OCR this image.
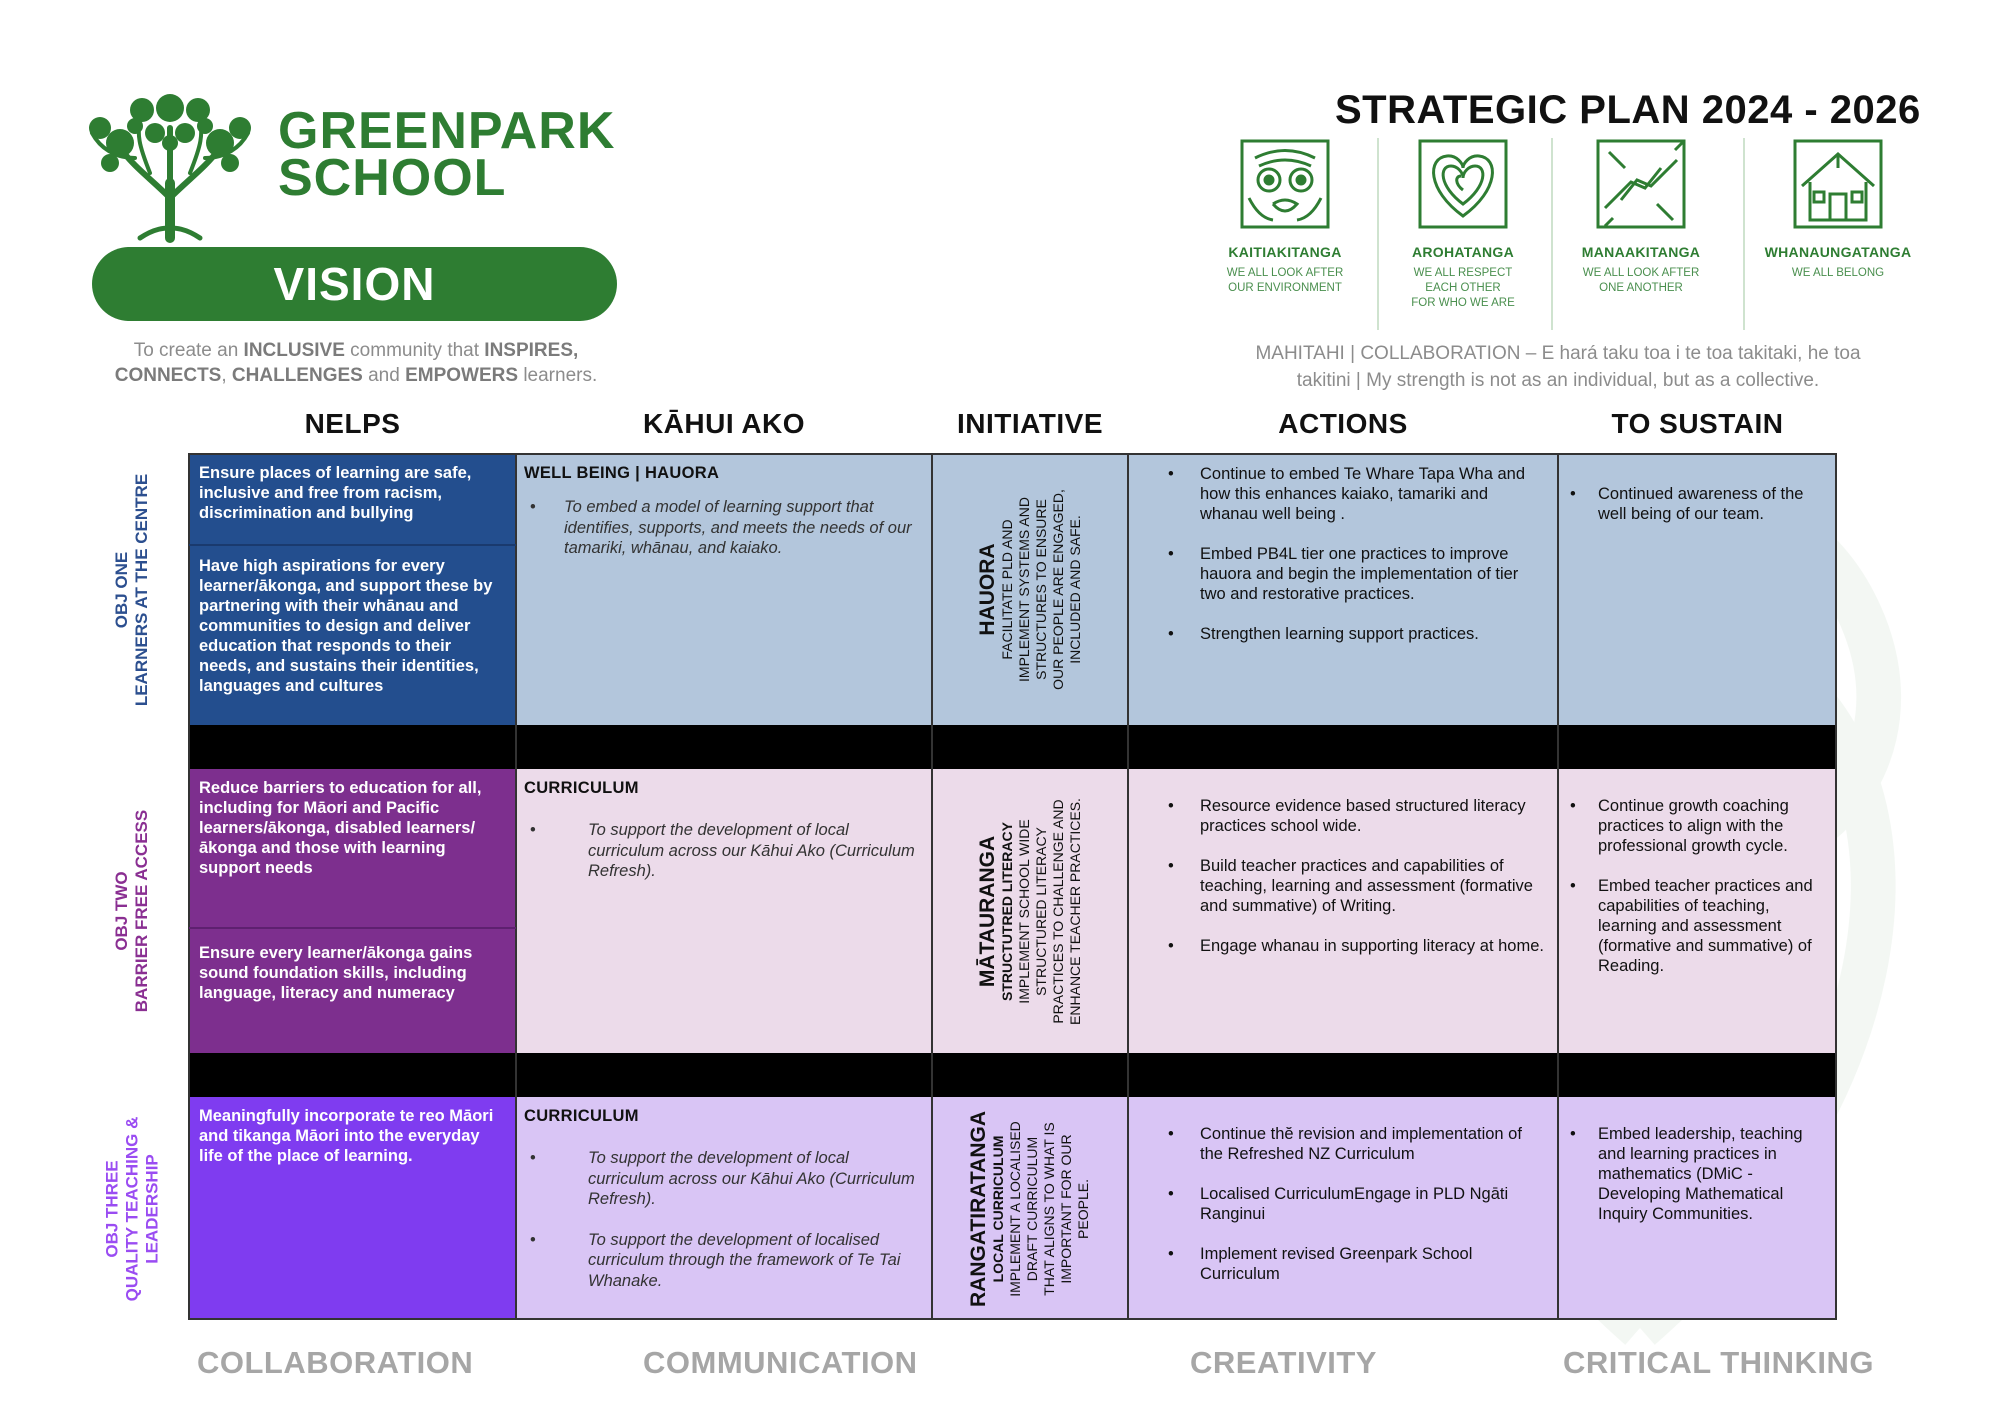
GREENPARK
SCHOOL
VISION
To create an INCLUSIVE community that INSPIRES,
CONNECTS, CHALLENGES and EMPOWERS learners.
STRATEGIC PLAN 2024 - 2026
KAITIAKITANGA
WE ALL LOOK AFTER
OUR ENVIRONMENT
AROHATANGA
WE ALL RESPECT
EACH OTHER
FOR WHO WE ARE
MANAAKITANGA
WE ALL LOOK AFTER
ONE ANOTHER
WHANAUNGATANGA
WE ALL BELONG
MAHITAHI | COLLABORATION – E hará taku toa i te toa takitaki, he toa
takitini | My strength is not as an individual, but as a collective.
NELPS	KĀHUI AKO	INITIATIVE	ACTIONS	TO SUSTAIN
OBJ ONE LEARNERS AT THE CENTRE
OBJ TWO BARRIER FREE ACCESS
OBJ THREE QUALITY TEACHING & LEADERSHIP
Ensure places of learning are safe, inclusive and free from racism, discrimination and bullying
Have high aspirations for every learner/ākonga, and support these by partnering with their whānau and communities to design and deliver education that responds to their needs, and sustains their identities, languages and cultures
WELL BEING | HAUORA
• To embed a model of learning support that identifies, supports, and meets the needs of our tamariki, whānau, and kaiako.	HAUORA FACILITATE PLD AND IMPLEMENT SYSTEMS AND STRUCTURES TO ENSURE OUR PEOPLE ARE ENGAGED, INCLUDED AND SAFE.
• Continue to embed Te Whare Tapa Wha and how this enhances kaiako, tamariki and whanau well being .
• Embed PB4L tier one practices to improve hauora and begin the implementation of tier two and restorative practices.
• Strengthen learning support practices.
• Continued awareness of the well being of our team.
Reduce barriers to education for all, including for Māori and Pacific learners/ākonga, disabled learners/ ākonga and those with learning support needs
Ensure every learner/ākonga gains sound foundation skills, including language, literacy and numeracy
CURRICULUM
• To support the development of local curriculum across our Kāhui Ako (Curriculum Refresh).	MĀTAURANGA STRUCTUTRED LITERACY IMPLEMENT SCHOOL WIDE STRUCTURED LITERACY PRACTICES TO CHALLENGE AND ENHANCE TEACHER PRACTICES.
•	Resource evidence based structured literacy practices school wide.
• Build teacher practices and capabilities of teaching, learning and assessment (formative and summative) of Writing.
• Engage whanau in supporting literacy at home.
• Continue growth coaching practices to align with the professional growth cycle.
• Embed teacher practices and capabilities of teaching, learning and assessment (formative and summative) of Reading.
Meaningfully incorporate te reo Māori and tikanga Māori into the everyday life of the place of learning.
CURRICULUM
• To support the development of local curriculum across our Kāhui Ako (Curriculum Refresh).
• To support the development of localised curriculum through the framework of Te Tai Whanake.	RANGATIRATANGA LOCAL CURRICULUM IMPLEMENT A LOCALISED DRAFT CURRICULUM THAT ALIGNS TO WHAT IS IMPORTANT FOR OUR PEOPLE.
• Continue thĕ revision and implementation of the Refreshed NZ Curriculum
• Localised CurriculumEngage in PLD Ngāti Ranginui
• Implement revised Greenpark School Curriculum
• Embed leadership, teaching and learning practices in mathematics (DMiC - Developing Mathematical Inquiry Communities.
COLLABORATION	COMMUNICATION	CREATIVITY	CRITICAL THINKING
